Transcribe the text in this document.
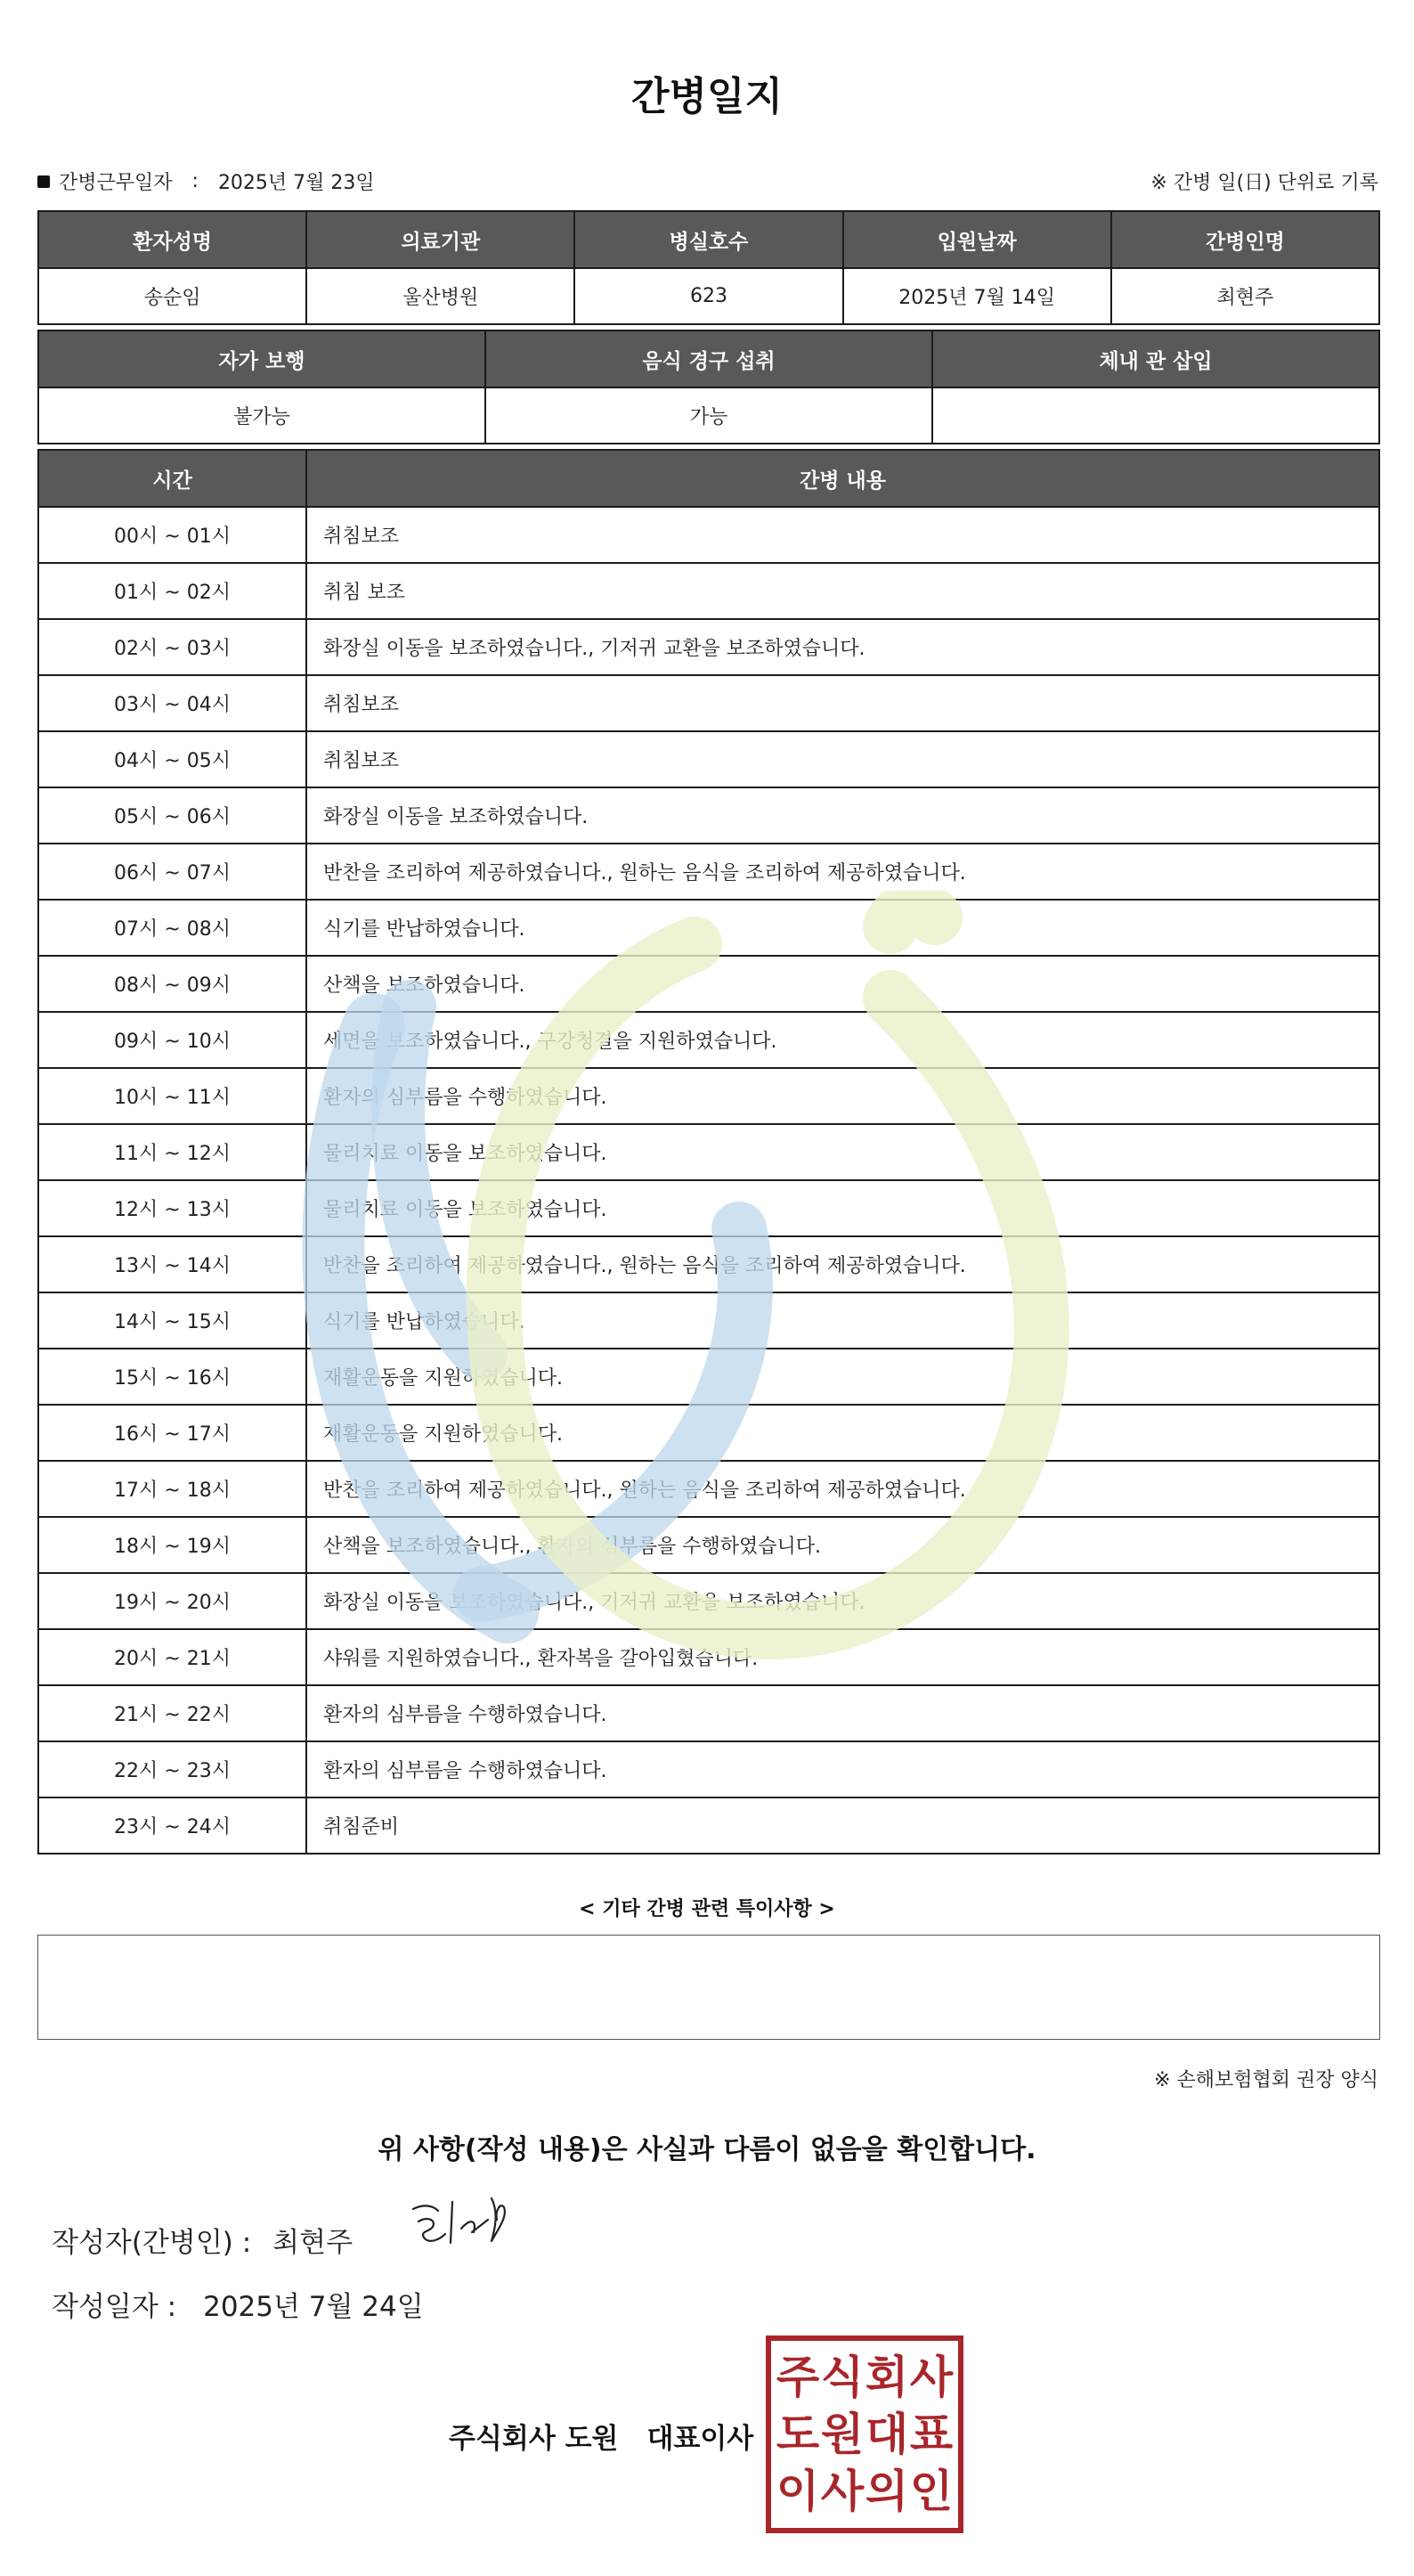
간병일지
간병근무일자 : 2025년 7월 23일	※ 간병 일(日) 단위로 기록
환자성명	의료기관	병실호수	입원날짜	간병인명
송순임	울산병원	623	2025년 7월 14일	최현주
자가 보행	음식 경구 섭취	체내 관 삽입
불가능	가능	
시간	간병 내용
00시 ~ 01시	취침보조
01시 ~ 02시	취침 보조
02시 ~ 03시	화장실 이동을 보조하였습니다., 기저귀 교환을 보조하였습니다.
03시 ~ 04시	취침보조
04시 ~ 05시	취침보조
05시 ~ 06시	화장실 이동을 보조하였습니다.
06시 ~ 07시	반찬을 조리하여 제공하였습니다., 원하는 음식을 조리하여 제공하였습니다.
07시 ~ 08시	식기를 반납하였습니다.
08시 ~ 09시	산책을 보조하였습니다.
09시 ~ 10시	세면을 보조하였습니다., 구강청결을 지원하였습니다.
10시 ~ 11시	환자의 심부름을 수행하였습니다.
11시 ~ 12시	물리치료 이동을 보조하였습니다.
12시 ~ 13시	물리치료 이동을 보조하였습니다.
13시 ~ 14시	반찬을 조리하여 제공하였습니다., 원하는 음식을 조리하여 제공하였습니다.
14시 ~ 15시	식기를 반납하였습니다.
15시 ~ 16시	재활운동을 지원하였습니다.
16시 ~ 17시	재활운동을 지원하였습니다.
17시 ~ 18시	반찬을 조리하여 제공하였습니다., 원하는 음식을 조리하여 제공하였습니다.
18시 ~ 19시	산책을 보조하였습니다., 환자의 심부름을 수행하였습니다.
19시 ~ 20시	화장실 이동을 보조하였습니다., 기저귀 교환을 보조하였습니다.
20시 ~ 21시	샤워를 지원하였습니다., 환자복을 갈아입혔습니다.
21시 ~ 22시	환자의 심부름을 수행하였습니다.
22시 ~ 23시	환자의 심부름을 수행하였습니다.
23시 ~ 24시	취침준비
< 기타 간병 관련 특이사항 >
※ 손해보험협회 권장 양식
위 사항(작성 내용)은 사실과 다름이 없음을 확인합니다.
작성자(간병인) : 최현주
작성일자 : 2025년 7월 24일
주식회사 도원 대표이사
주 식 회 사
도 원 대 표
이 사 의 인
